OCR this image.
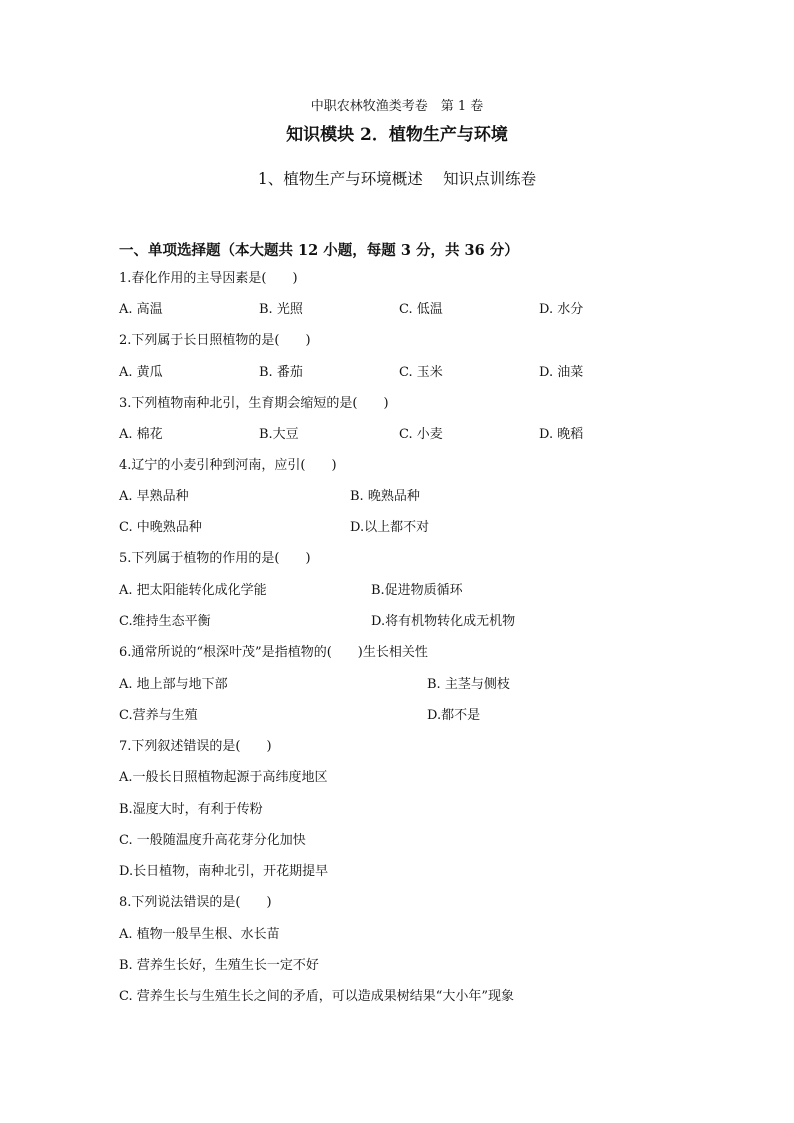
中职农林牧渔类考卷　第 1 卷
知识模块 2．植物生产与环境
1、植物生产与环境概述　 知识点训练卷
一、单项选择题（本大题共 12 小题，每题 3 分，共 36 分）
1.春化作用的主导因素是(　　)
A. 高温	B. 光照	C. 低温	D. 水分
2.下列属于长日照植物的是(　　)
A. 黄瓜	B. 番茄	C. 玉米	D. 油菜
3.下列植物南种北引，生育期会缩短的是(　　)
A. 棉花	B.大豆	C. 小麦	D. 晚稻
4.辽宁的小麦引种到河南，应引(　　)
A. 早熟品种	B. 晚熟品种
C. 中晚熟品种	D.以上都不对
5.下列属于植物的作用的是(　　)
A. 把太阳能转化成化学能	B.促进物质循环
C.维持生态平衡	D.将有机物转化成无机物
6.通常所说的“根深叶茂”是指植物的(　　)生长相关性
A. 地上部与地下部	B. 主茎与侧枝
C.营养与生殖	D.都不是
7.下列叙述错误的是(　　)
A.一般长日照植物起源于高纬度地区
B.湿度大时，有利于传粉
C. 一般随温度升高花芽分化加快
D.长日植物，南种北引，开花期提早
8.下列说法错误的是(　　)
A. 植物一般旱生根、水长苗
B. 营养生长好，生殖生长一定不好
C. 营养生长与生殖生长之间的矛盾，可以造成果树结果“大小年”现象
